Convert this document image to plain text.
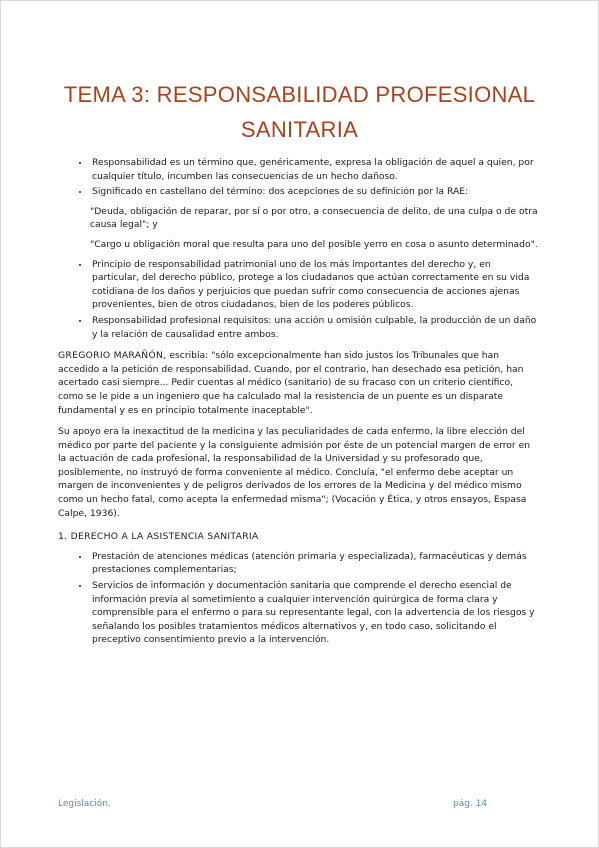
TEMA 3: RESPONSABILIDAD PROFESIONAL SANITARIA
• Responsabilidad es un término que, genéricamente, expresa la obligación de aquel a quien, por cualquier título, incumben las consecuencias de un hecho dañoso.
• Significado en castellano del término: dos acepciones de su definición por la RAE:

"Deuda, obligación de reparar, por sí o por otro, a consecuencia de delito, de una culpa o de otra causa legal"; y

"Cargo u obligación moral que resulta para uno del posible yerro en cosa o asunto determinado".

• Principio de responsabilidad patrimonial uno de los más importantes del derecho y, en particular, del derecho público, protege a los ciudadanos que actúan correctamente en su vida cotidiana de los daños y perjuicios que puedan sufrir como consecuencia de acciones ajenas provenientes, bien de otros ciudadanos, bien de los poderes públicos.
• Responsabilidad profesional requisitos: una acción u omisión culpable, la producción de un daño y la relación de causalidad entre ambos.

GREGORIO MARAÑÓN, escribía: "sólo excepcionalmente han sido justos los Tribunales que han accedido a la petición de responsabilidad. Cuando, por el contrario, han desechado esa petición, han acertado casi siempre... Pedir cuentas al médico (sanitario) de su fracaso con un criterio científico, como se le pide a un ingeniero que ha calculado mal la resistencia de un puente es un disparate fundamental y es en principio totalmente inaceptable".

Su apoyo era la inexactitud de la medicina y las peculiaridades de cada enfermo, la libre elección del médico por parte del paciente y la consiguiente admisión por éste de un potencial margen de error en la actuación de cada profesional, la responsabilidad de la Universidad y su profesorado que, posiblemente, no instruyó de forma conveniente al médico. Concluía, "el enfermo debe aceptar un margen de inconvenientes y de peligros derivados de los errores de la Medicina y del médico mismo como un hecho fatal, como acepta la enfermedad misma"; (Vocación y Ética, y otros ensayos, Espasa Calpe, 1936).

1. DERECHO A LA ASISTENCIA SANITARIA
• Prestación de atenciones médicas (atención primaria y especializada), farmacéuticas y demás prestaciones complementarias;
• Servicios de información y documentación sanitaria que comprende el derecho esencial de información previa al sometimiento a cualquier intervención quirúrgica de forma clara y comprensible para el enfermo o para su representante legal, con la advertencia de los riesgos y señalando los posibles tratamientos médicos alternativos y, en todo caso, solicitando el preceptivo consentimiento previo a la intervención.
Legislación.	pág. 14
